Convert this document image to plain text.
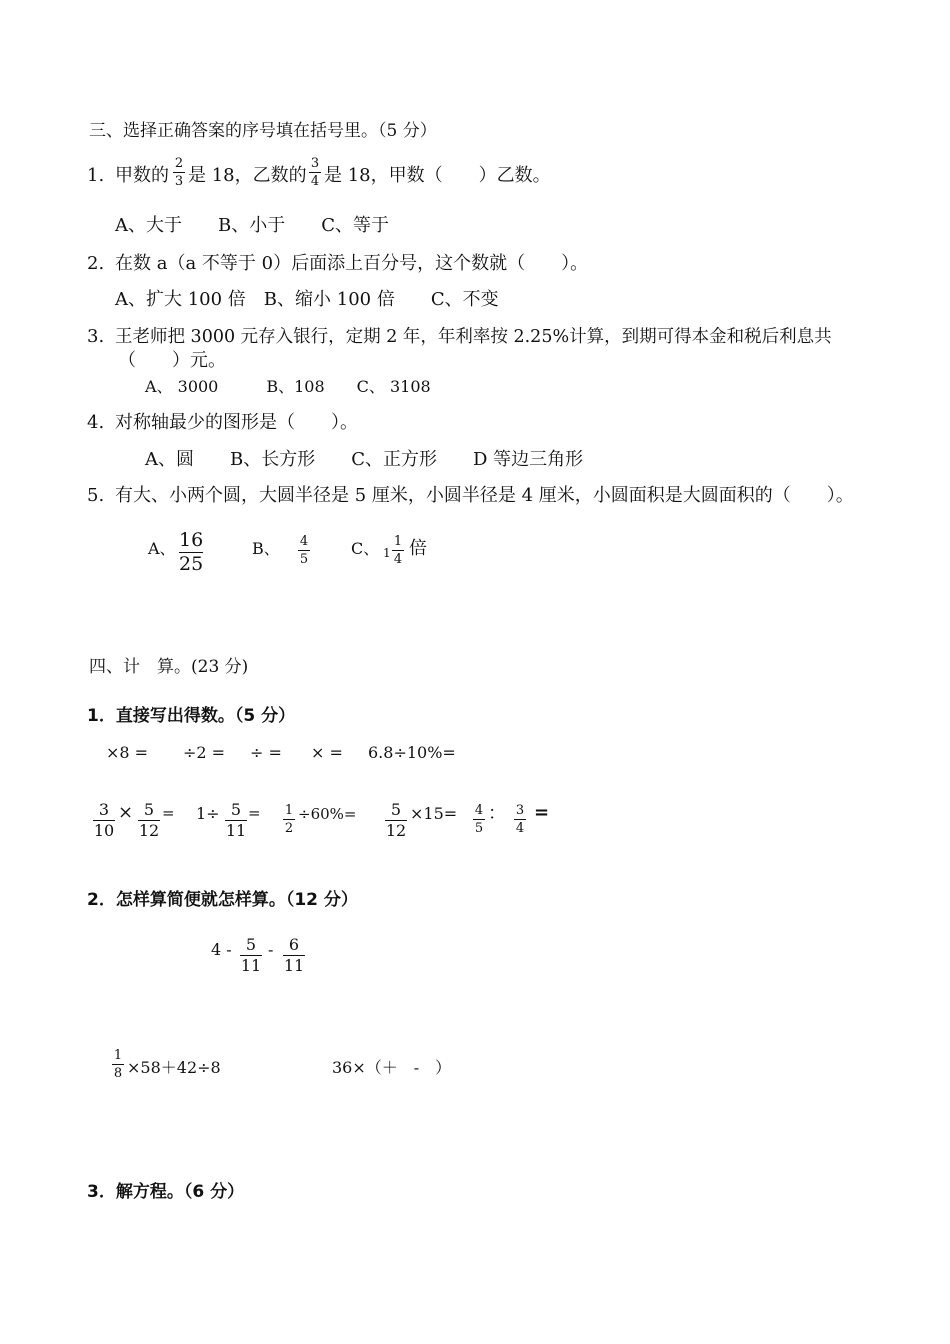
三、选择正确答案的序号填在括号里。（5 分）
1. 甲数的
2
3 是 18，乙数的
3
4 是 18，甲数（　　）乙数。
A、大于　　B、小于　　C、等于
2. 在数 a（a 不等于 0）后面添上百分号，这个数就（　　）。
A、扩大 100 倍　B、缩小 100 倍　　C、不变
3. 王老师把 3000 元存入银行，定期 2 年，年利率按 2.25%计算，到期可得本金和税后利息共
（　　）元。
A、 3000　　　B、108　　C、 3108
4. 对称轴最少的图形是（　　）。
A、圆　　B、长方形　　C、正方形　　D 等边三角形
5. 有大、小两个圆，大圆半径是 5 厘米，小圆半径是 4 厘米，小圆面积是大圆面积的（　　）。
A、 16
25
B、 4
5
C、 1
1
4
倍
四、计　算。(23 分)
1．直接写出得数。（5 分）
×8 = ÷2 = ÷ = × = 6.8÷10%=
3
10
× 5
12
= 1÷ 5
11
= 1
2
÷60%=	5
12
×15= 4
5
： 3
4
=
2．怎样算简便就怎样算。（12 分）
4 - 5
11
- 6
11
1
8 ×58＋42÷8	36×（＋　-　）
3．解方程。（6 分）
